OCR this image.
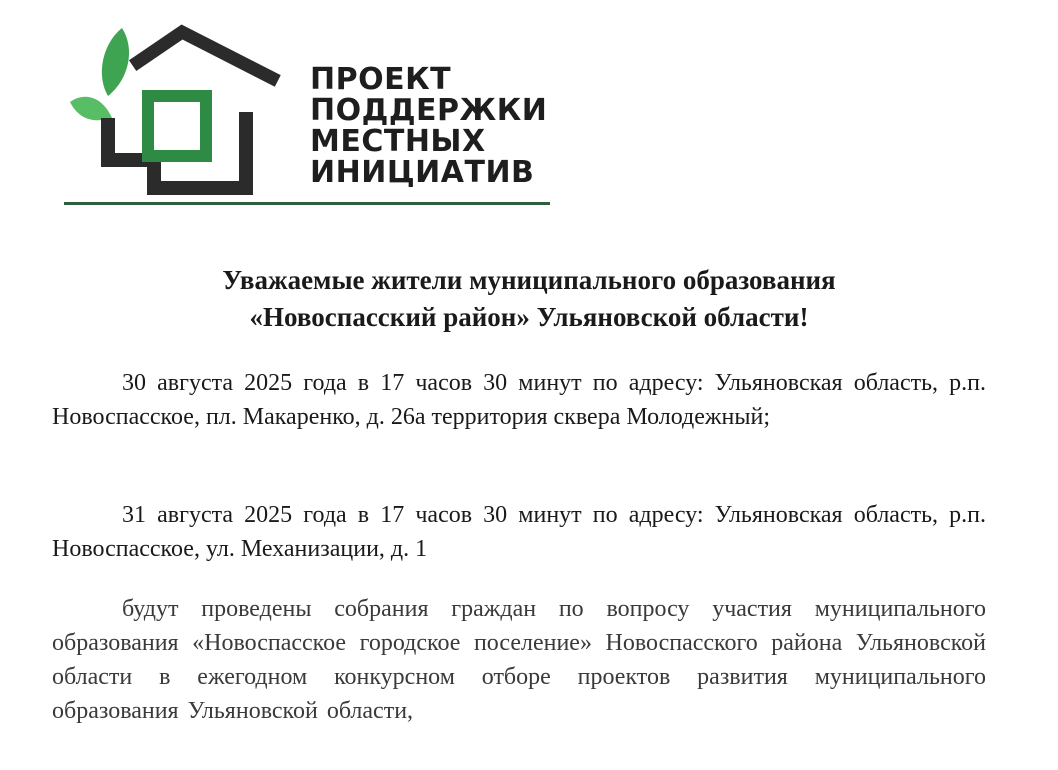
ПРОЕКТ
ПОДДЕРЖКИ
МЕСТНЫХ
ИНИЦИАТИВ
Уважаемые жители муниципального образования
«Новоспасский район» Ульяновской области!

30 августа 2025 года в 17 часов 30 минут по адресу: Ульяновская область, р.п. Новоспасское, пл. Макаренко, д. 26а территория сквера Молодежный;

31 августа 2025 года в 17 часов 30 минут по адресу: Ульяновская область, р.п. Новоспасское, ул. Механизации, д. 1

будут проведены собрания граждан по вопросу участия муниципального образования «Новоспасское городское поселение» Новоспасского района Ульяновской области в ежегодном конкурсном отборе проектов развития муниципального образования Ульяновской области,
